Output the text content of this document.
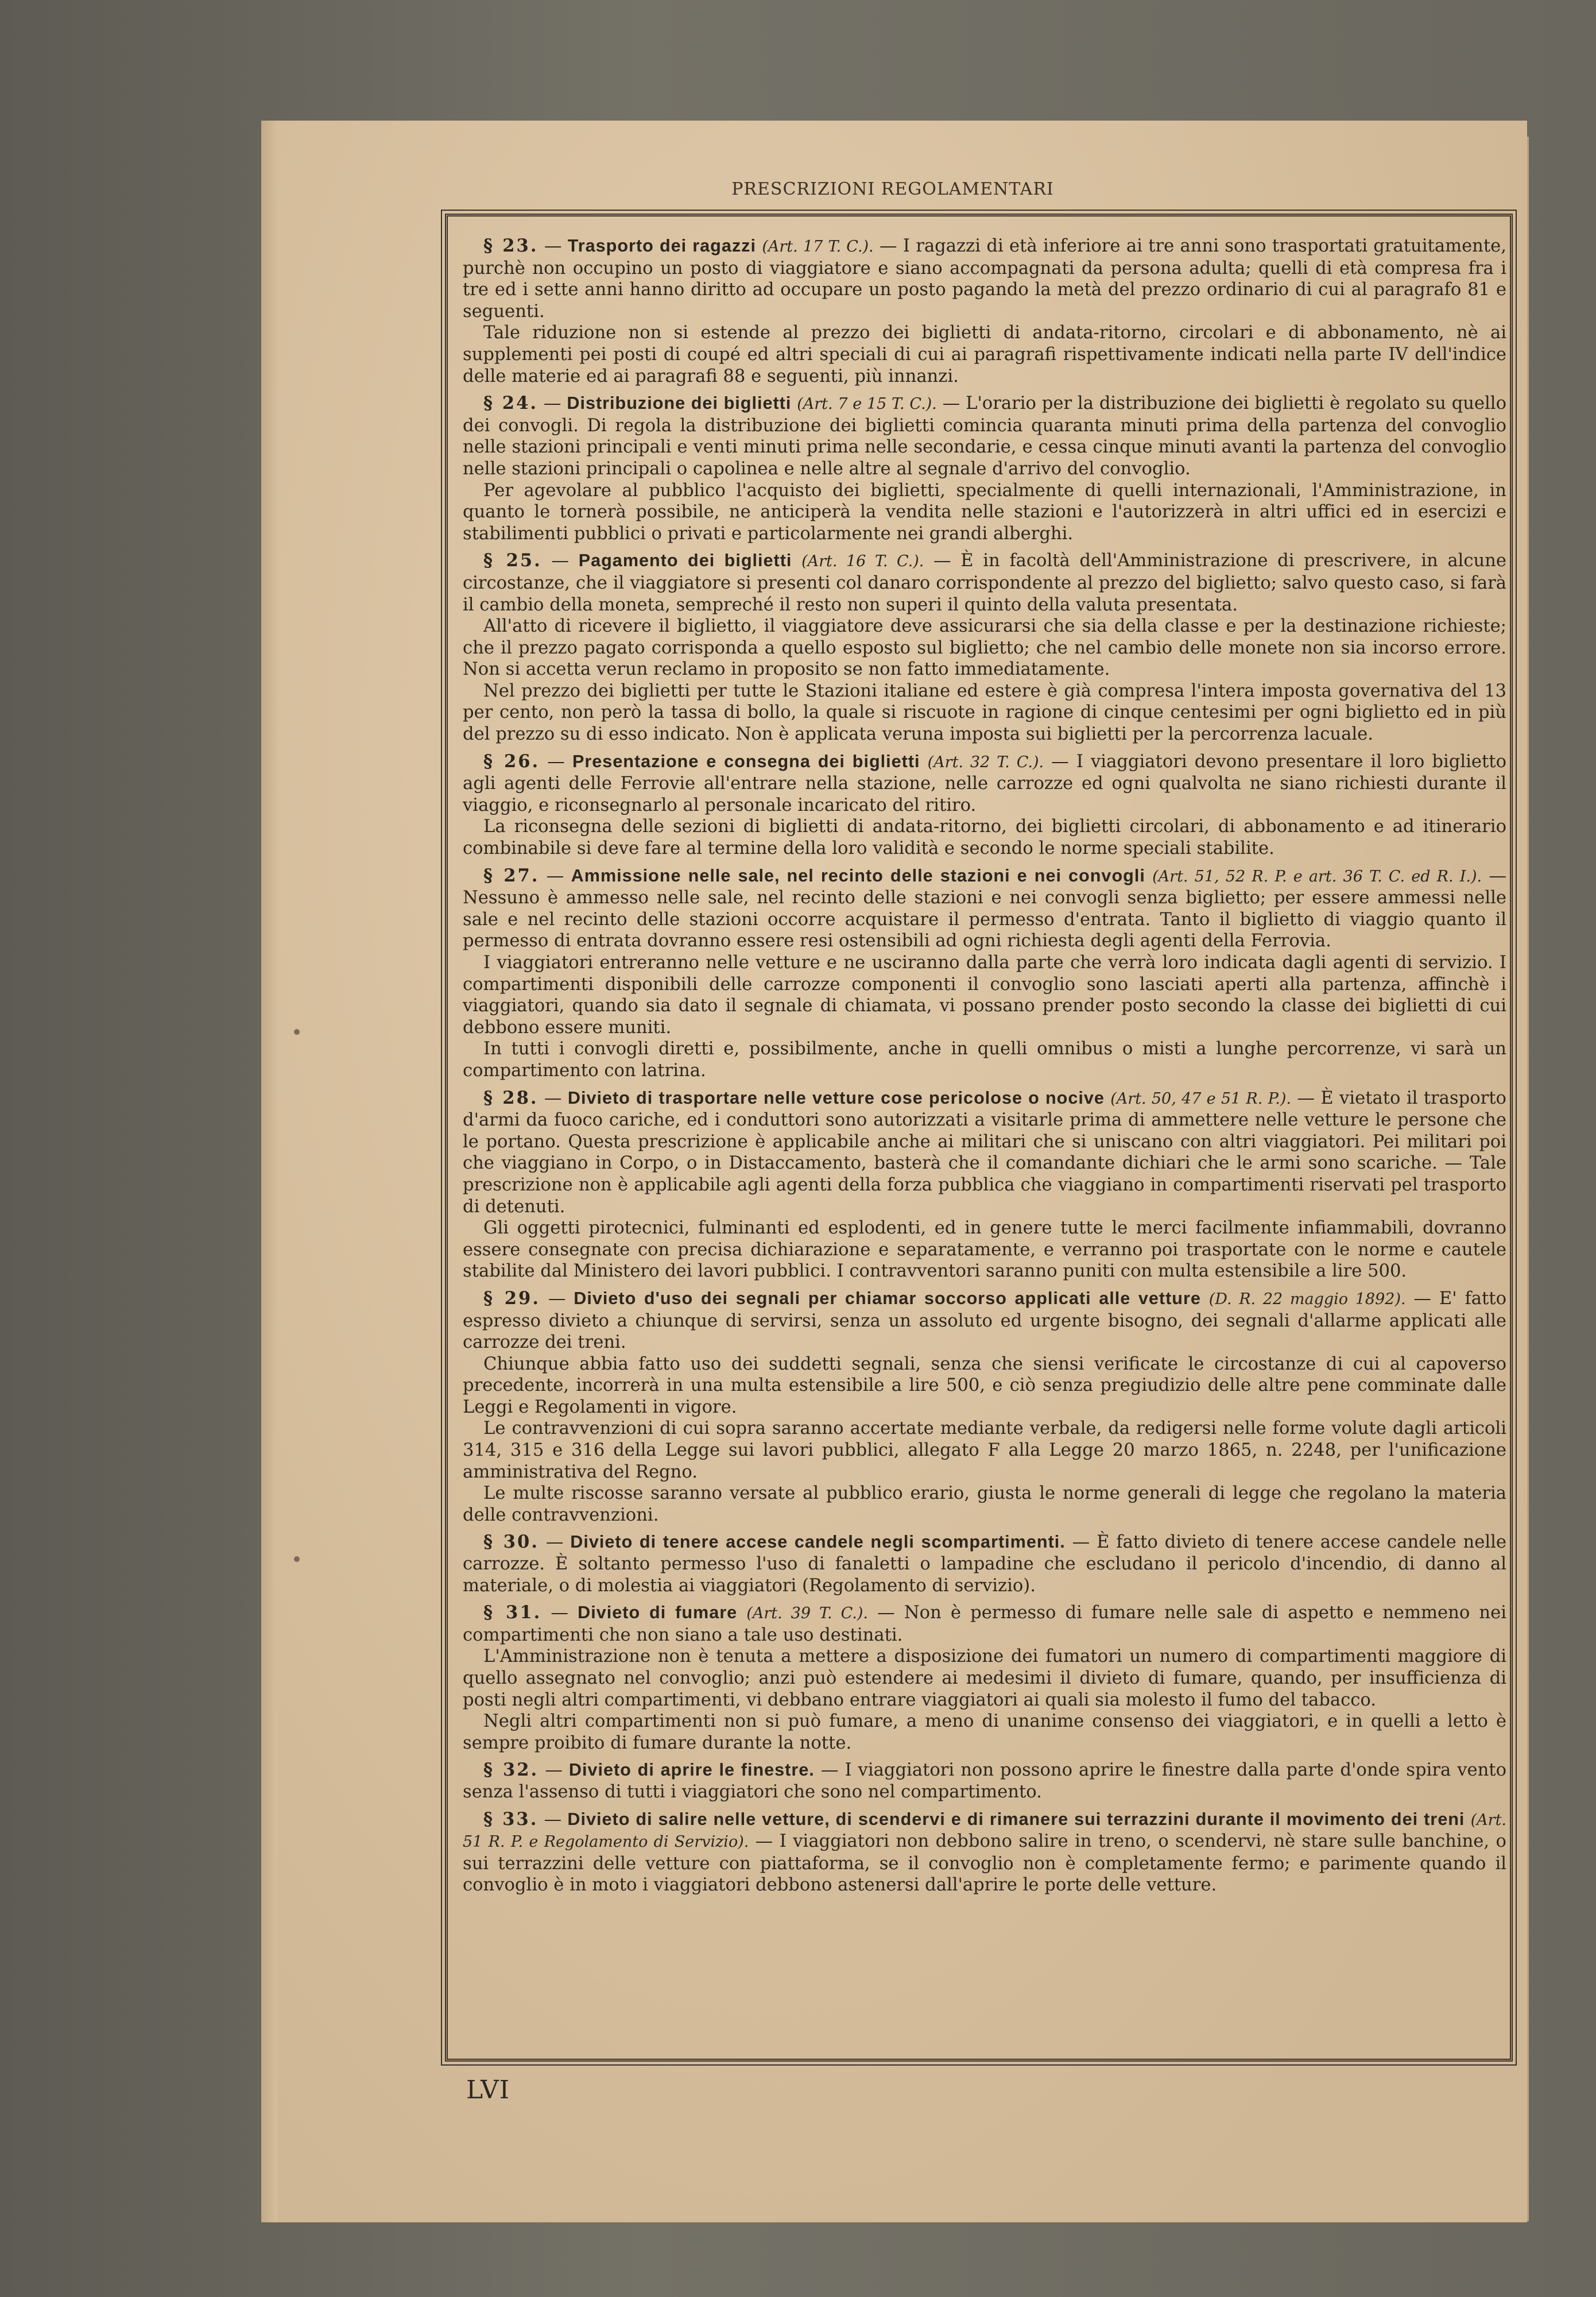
PRESCRIZIONI REGOLAMENTARI

§ 23. — Trasporto dei ragazzi (Art. 17 T. C.). — I ragazzi di età inferiore ai tre anni sono trasportati gratuitamente, purchè non occupino un posto di viaggiatore e siano accompagnati da persona adulta; quelli di età compresa fra i tre ed i sette anni hanno diritto ad occupare un posto pagando la metà del prezzo ordinario di cui al paragrafo 81 e seguenti.

Tale riduzione non si estende al prezzo dei biglietti di andata-ritorno, circolari e di abbonamento, nè ai supplementi pei posti di coupé ed altri speciali di cui ai paragrafi rispettivamente indicati nella parte IV dell'indice delle materie ed ai paragrafi 88 e seguenti, più innanzi.

§ 24. — Distribuzione dei biglietti (Art. 7 e 15 T. C.). — L'orario per la distribuzione dei biglietti è regolato su quello dei convogli. Di regola la distribuzione dei biglietti comincia quaranta minuti prima della partenza del convoglio nelle stazioni principali e venti minuti prima nelle secondarie, e cessa cinque minuti avanti la partenza del convoglio nelle stazioni principali o capolinea e nelle altre al segnale d'arrivo del convoglio.

Per agevolare al pubblico l'acquisto dei biglietti, specialmente di quelli internazionali, l'Amministrazione, in quanto le tornerà possibile, ne anticiperà la vendita nelle stazioni e l'autorizzerà in altri uffici ed in esercizi e stabilimenti pubblici o privati e particolarmente nei grandi alberghi.

§ 25. — Pagamento dei biglietti (Art. 16 T. C.). — È in facoltà dell'Amministrazione di prescrivere, in alcune circostanze, che il viaggiatore si presenti col danaro corrispondente al prezzo del biglietto; salvo questo caso, si farà il cambio della moneta, sempreché il resto non superi il quinto della valuta presentata.

All'atto di ricevere il biglietto, il viaggiatore deve assicurarsi che sia della classe e per la destinazione richieste; che il prezzo pagato corrisponda a quello esposto sul biglietto; che nel cambio delle monete non sia incorso errore. Non si accetta verun reclamo in proposito se non fatto immediatamente.

Nel prezzo dei biglietti per tutte le Stazioni italiane ed estere è già compresa l'intera imposta governativa del 13 per cento, non però la tassa di bollo, la quale si riscuote in ragione di cinque centesimi per ogni biglietto ed in più del prezzo su di esso indicato. Non è applicata veruna imposta sui biglietti per la percorrenza lacuale.

§ 26. — Presentazione e consegna dei biglietti (Art. 32 T. C.). — I viaggiatori devono presentare il loro biglietto agli agenti delle Ferrovie all'entrare nella stazione, nelle carrozze ed ogni qualvolta ne siano richiesti durante il viaggio, e riconsegnarlo al personale incaricato del ritiro.

La riconsegna delle sezioni di biglietti di andata-ritorno, dei biglietti circolari, di abbonamento e ad itinerario combinabile si deve fare al termine della loro validità e secondo le norme speciali stabilite.

§ 27. — Ammissione nelle sale, nel recinto delle stazioni e nei convogli (Art. 51, 52 R. P. e art. 36 T. C. ed R. I.). — Nessuno è ammesso nelle sale, nel recinto delle stazioni e nei convogli senza biglietto; per essere ammessi nelle sale e nel recinto delle stazioni occorre acquistare il permesso d'entrata. Tanto il biglietto di viaggio quanto il permesso di entrata dovranno essere resi ostensibili ad ogni richiesta degli agenti della Ferrovia.

I viaggiatori entreranno nelle vetture e ne usciranno dalla parte che verrà loro indicata dagli agenti di servizio. I compartimenti disponibili delle carrozze componenti il convoglio sono lasciati aperti alla partenza, affinchè i viaggiatori, quando sia dato il segnale di chiamata, vi possano prender posto secondo la classe dei biglietti di cui debbono essere muniti.

In tutti i convogli diretti e, possibilmente, anche in quelli omnibus o misti a lunghe percorrenze, vi sarà un compartimento con latrina.

§ 28. — Divieto di trasportare nelle vetture cose pericolose o nocive (Art. 50, 47 e 51 R. P.). — È vietato il trasporto d'armi da fuoco cariche, ed i conduttori sono autorizzati a visitarle prima di ammettere nelle vetture le persone che le portano. Questa prescrizione è applicabile anche ai militari che si uniscano con altri viaggiatori. Pei militari poi che viaggiano in Corpo, o in Distaccamento, basterà che il comandante dichiari che le armi sono scariche. — Tale prescrizione non è applicabile agli agenti della forza pubblica che viaggiano in compartimenti riservati pel trasporto di detenuti.

Gli oggetti pirotecnici, fulminanti ed esplodenti, ed in genere tutte le merci facilmente infiammabili, dovranno essere consegnate con precisa dichiarazione e separatamente, e verranno poi trasportate con le norme e cautele stabilite dal Ministero dei lavori pubblici. I contravventori saranno puniti con multa estensibile a lire 500.

§ 29. — Divieto d'uso dei segnali per chiamar soccorso applicati alle vetture (D. R. 22 maggio 1892). — E' fatto espresso divieto a chiunque di servirsi, senza un assoluto ed urgente bisogno, dei segnali d'allarme applicati alle carrozze dei treni.

Chiunque abbia fatto uso dei suddetti segnali, senza che siensi verificate le circostanze di cui al capoverso precedente, incorrerà in una multa estensibile a lire 500, e ciò senza pregiudizio delle altre pene comminate dalle Leggi e Regolamenti in vigore.

Le contravvenzioni di cui sopra saranno accertate mediante verbale, da redigersi nelle forme volute dagli articoli 314, 315 e 316 della Legge sui lavori pubblici, allegato F alla Legge 20 marzo 1865, n. 2248, per l'unificazione amministrativa del Regno.

Le multe riscosse saranno versate al pubblico erario, giusta le norme generali di legge che regolano la materia delle contravvenzioni.

§ 30. — Divieto di tenere accese candele negli scompartimenti. — È fatto divieto di tenere accese candele nelle carrozze. È soltanto permesso l'uso di fanaletti o lampadine che escludano il pericolo d'incendio, di danno al materiale, o di molestia ai viaggiatori (Regolamento di servizio).

§ 31. — Divieto di fumare (Art. 39 T. C.). — Non è permesso di fumare nelle sale di aspetto e nemmeno nei compartimenti che non siano a tale uso destinati.

L'Amministrazione non è tenuta a mettere a disposizione dei fumatori un numero di compartimenti maggiore di quello assegnato nel convoglio; anzi può estendere ai medesimi il divieto di fumare, quando, per insufficienza di posti negli altri compartimenti, vi debbano entrare viaggiatori ai quali sia molesto il fumo del tabacco.

Negli altri compartimenti non si può fumare, a meno di unanime consenso dei viaggiatori, e in quelli a letto è sempre proibito di fumare durante la notte.

§ 32. — Divieto di aprire le finestre. — I viaggiatori non possono aprire le finestre dalla parte d'onde spira vento senza l'assenso di tutti i viaggiatori che sono nel compartimento.

§ 33. — Divieto di salire nelle vetture, di scendervi e di rimanere sui terrazzini durante il movimento dei treni (Art. 51 R. P. e Regolamento di Servizio). — I viaggiatori non debbono salire in treno, o scendervi, nè stare sulle banchine, o sui terrazzini delle vetture con piattaforma, se il convoglio non è completamente fermo; e parimente quando il convoglio è in moto i viaggiatori debbono astenersi dall'aprire le porte delle vetture.

LVI
